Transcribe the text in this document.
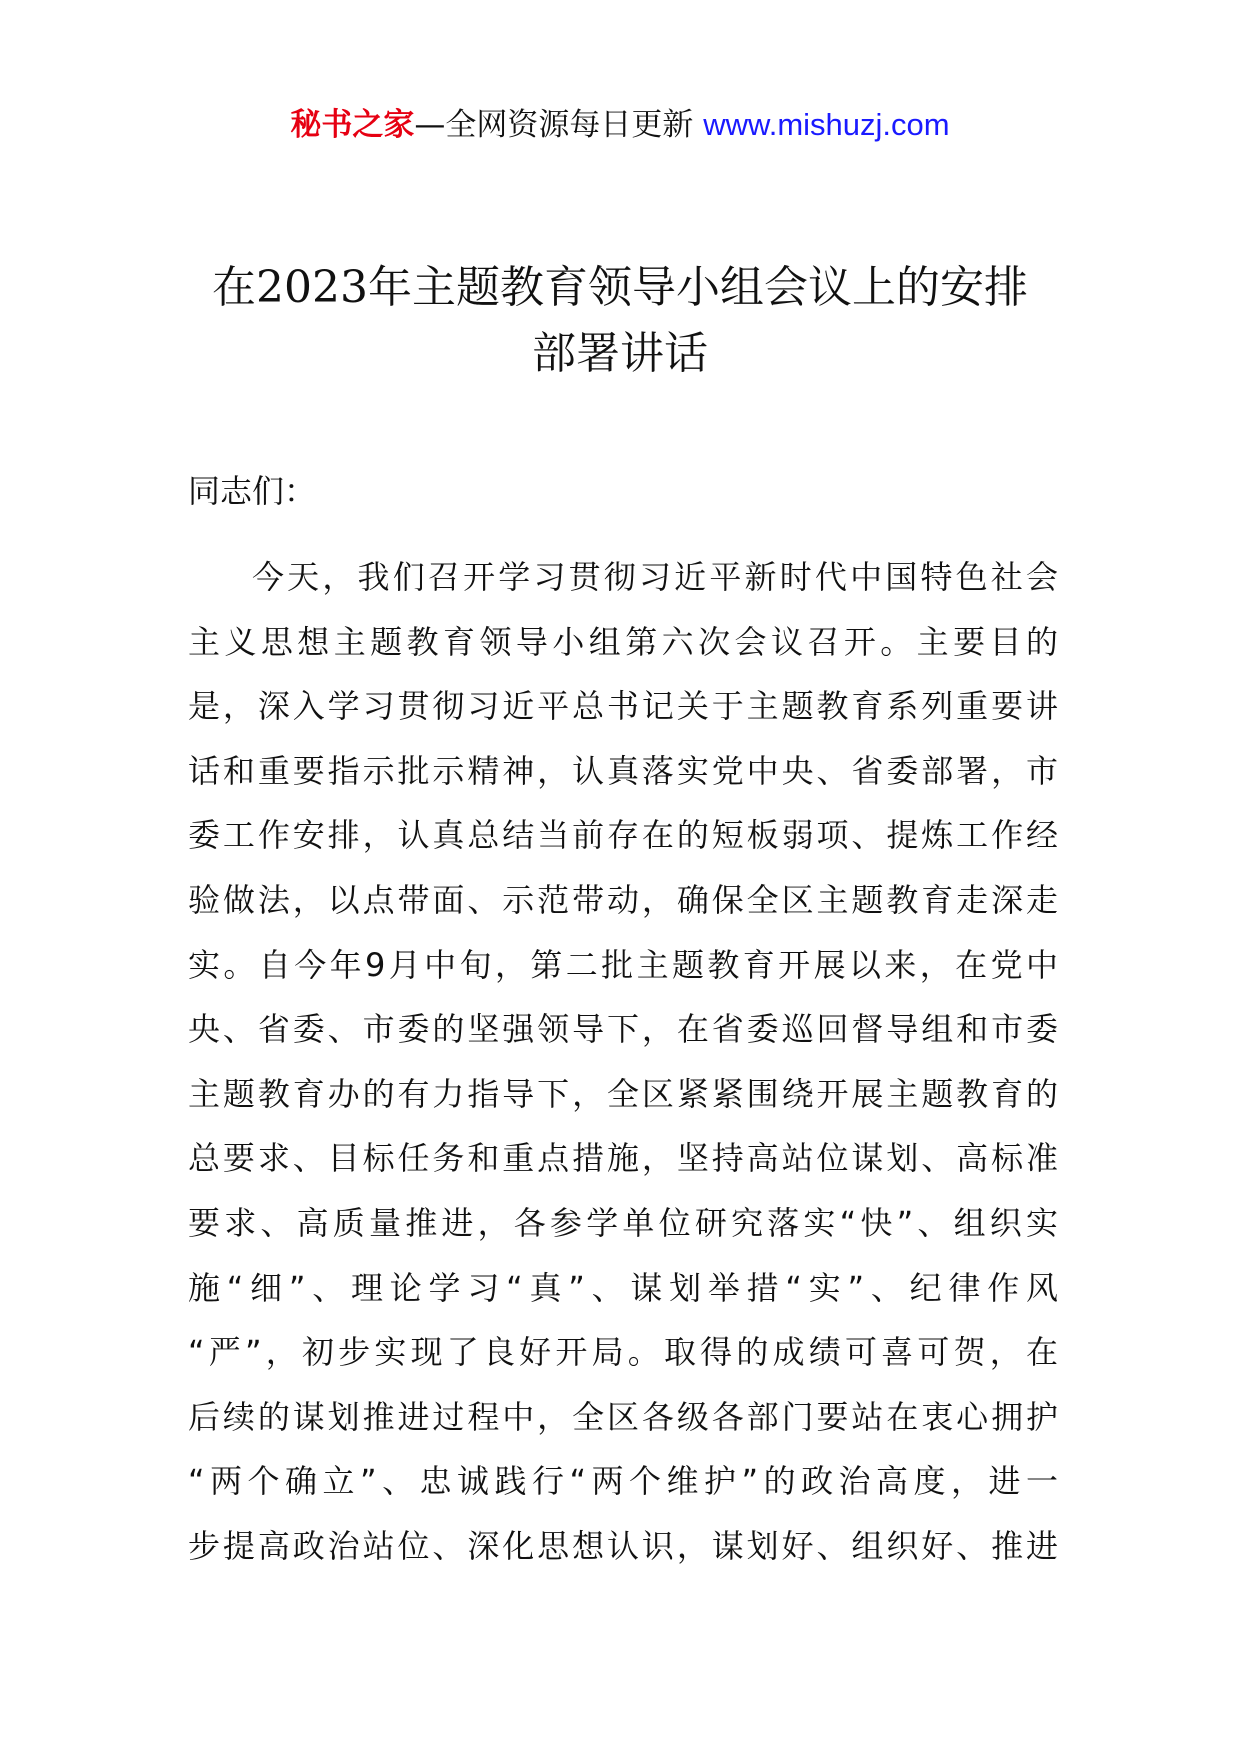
秘书之家—全网资源每日更新 www.mishuzj.com
在2023年主题教育领导小组会议上的安排
部署讲话
同志们：
今天，我们召开学习贯彻习近平新时代中国特色社会
主义思想主题教育领导小组第六次会议召开。主要目的
是，深入学习贯彻习近平总书记关于主题教育系列重要讲
话和重要指示批示精神，认真落实党中央、省委部署，市
委工作安排，认真总结当前存在的短板弱项、提炼工作经
验做法，以点带面、示范带动，确保全区主题教育走深走
实。自今年9月中旬，第二批主题教育开展以来，在党中
央、省委、市委的坚强领导下，在省委巡回督导组和市委
主题教育办的有力指导下，全区紧紧围绕开展主题教育的
总要求、目标任务和重点措施，坚持高站位谋划、高标准
要求、高质量推进，各参学单位研究落实“快”、组织实
施“细”、理论学习“真”、谋划举措“实”、纪律作风
“严”，初步实现了良好开局。取得的成绩可喜可贺，在
后续的谋划推进过程中，全区各级各部门要站在衷心拥护
“两个确立”、忠诚践行“两个维护”的政治高度，进一
步提高政治站位、深化思想认识，谋划好、组织好、推进
